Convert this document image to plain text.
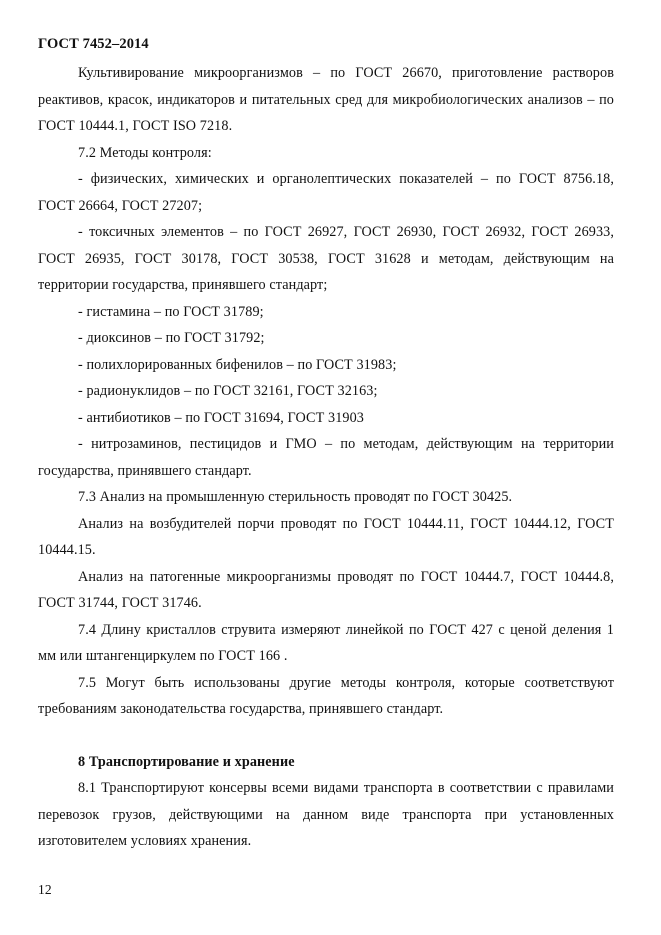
ГОСТ 7452–2014

Культивирование микроорганизмов – по ГОСТ 26670, приготовление растворов реактивов, красок, индикаторов и питательных сред для микробиологических анализов – по ГОСТ 10444.1, ГОСТ ISO 7218.

7.2 Методы контроля:

- физических, химических и органолептических показателей – по ГОСТ 8756.18, ГОСТ 26664, ГОСТ 27207;

- токсичных элементов – по ГОСТ 26927, ГОСТ 26930, ГОСТ 26932, ГОСТ 26933, ГОСТ 26935, ГОСТ 30178, ГОСТ 30538, ГОСТ 31628 и методам, действующим на территории государства, принявшего стандарт;

- гистамина – по ГОСТ 31789;

- диоксинов – по ГОСТ 31792;

- полихлорированных бифенилов – по ГОСТ 31983;

- радионуклидов – по ГОСТ 32161, ГОСТ 32163;

- антибиотиков – по ГОСТ 31694, ГОСТ 31903

- нитрозаминов, пестицидов и ГМО – по методам, действующим на территории государства, принявшего стандарт.

7.3 Анализ на промышленную стерильность проводят по ГОСТ 30425.

Анализ на возбудителей порчи проводят по ГОСТ 10444.11, ГОСТ 10444.12, ГОСТ 10444.15.

Анализ на патогенные микроорганизмы проводят по ГОСТ 10444.7, ГОСТ 10444.8, ГОСТ 31744, ГОСТ 31746.

7.4 Длину кристаллов струвита измеряют линейкой по ГОСТ 427 с ценой деления 1 мм или штангенциркулем по ГОСТ 166 .

7.5 Могут быть использованы другие методы контроля, которые соответствуют требованиям законодательства государства, принявшего стандарт.

8 Транспортирование и хранение

8.1 Транспортируют консервы всеми видами транспорта в соответствии с правилами перевозок грузов, действующими на данном виде транспорта при установленных изготовителем условиях хранения.

12
